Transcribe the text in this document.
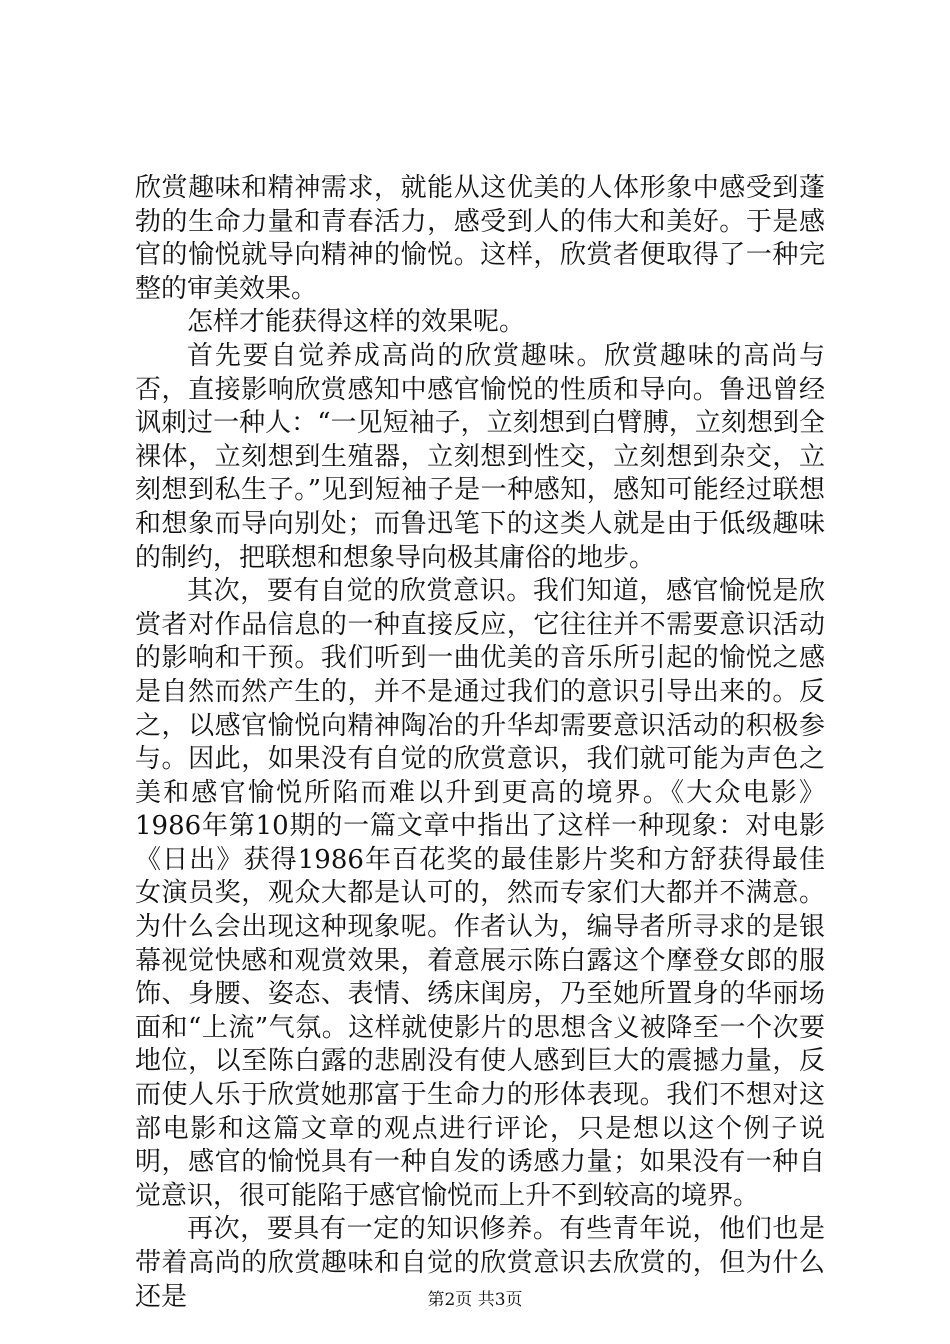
欣赏趣味和精神需求，就能从这优美的人体形象中感受到蓬勃的生命力量和青春活力，感受到人的伟大和美好。于是感官的愉悦就导向精神的愉悦。这样，欣赏者便取得了一种完整的审美效果。

怎样才能获得这样的效果呢。

首先要自觉养成高尚的欣赏趣味。欣赏趣味的高尚与否，直接影响欣赏感知中感官愉悦的性质和导向。鲁迅曾经讽刺过一种人：“一见短袖子，立刻想到白臂膊，立刻想到全裸体，立刻想到生殖器，立刻想到性交，立刻想到杂交，立刻想到私生子。”见到短袖子是一种感知，感知可能经过联想和想象而导向别处；而鲁迅笔下的这类人就是由于低级趣味的制约，把联想和想象导向极其庸俗的地步。

其次，要有自觉的欣赏意识。我们知道，感官愉悦是欣赏者对作品信息的一种直接反应，它往往并不需要意识活动的影响和干预。我们听到一曲优美的音乐所引起的愉悦之感是自然而然产生的，并不是通过我们的意识引导出来的。反之，以感官愉悦向精神陶冶的升华却需要意识活动的积极参与。因此，如果没有自觉的欣赏意识，我们就可能为声色之美和感官愉悦所陷而难以升到更高的境界。《大众电影》1986年第10期的一篇文章中指出了这样一种现象：对电影《日出》获得1986年百花奖的最佳影片奖和方舒获得最佳女演员奖，观众大都是认可的，然而专家们大都并不满意。为什么会出现这种现象呢。作者认为，编导者所寻求的是银幕视觉快感和观赏效果，着意展示陈白露这个摩登女郎的服饰、身腰、姿态、表情、绣床闺房，乃至她所置身的华丽场面和“上流”气氛。这样就使影片的思想含义被降至一个次要地位，以至陈白露的悲剧没有使人感到巨大的震撼力量，反而使人乐于欣赏她那富于生命力的形体表现。我们不想对这部电影和这篇文章的观点进行评论，只是想以这个例子说明，感官的愉悦具有一种自发的诱感力量；如果没有一种自觉意识，很可能陷于感官愉悦而上升不到较高的境界。

再次，要具有一定的知识修养。有些青年说，他们也是带着高尚的欣赏趣味和自觉的欣赏意识去欣赏的，但为什么还是	第2页 共3页
